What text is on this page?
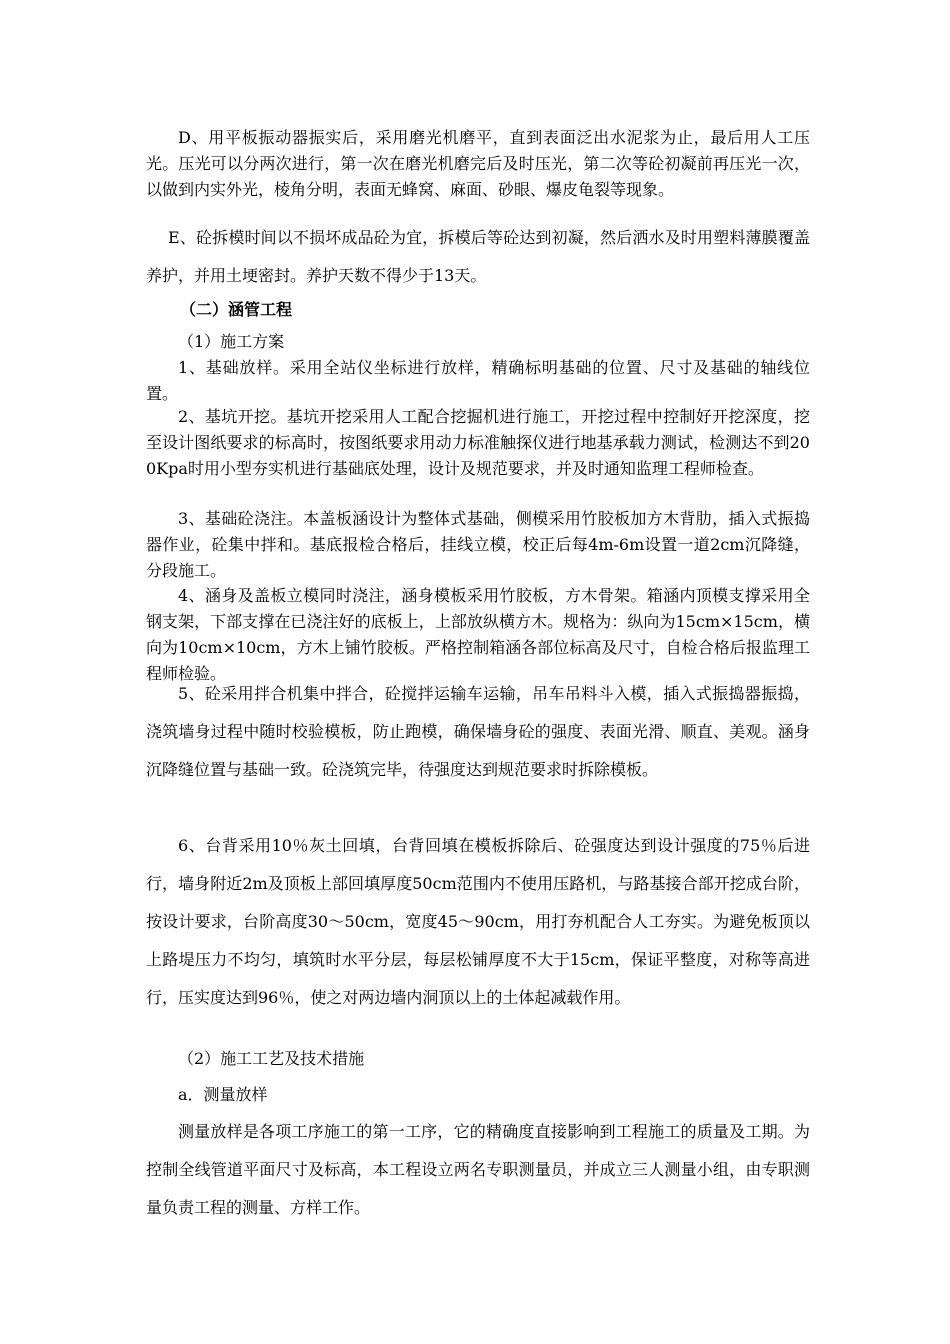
D、用平板振动器振实后，采用磨光机磨平，直到表面泛出水泥浆为止，最后用人工压光。压光可以分两次进行，第一次在磨光机磨完后及时压光，第二次等砼初凝前再压光一次，以做到内实外光，棱角分明，表面无蜂窝、麻面、砂眼、爆皮龟裂等现象。

E、砼拆模时间以不损坏成品砼为宜，拆模后等砼达到初凝，然后洒水及时用塑料薄膜覆盖养护，并用土埂密封。养护天数不得少于13天。

（二）涵管工程

（1）施工方案

1、基础放样。采用全站仪坐标进行放样，精确标明基础的位置、尺寸及基础的轴线位置。

2、基坑开挖。基坑开挖采用人工配合挖掘机进行施工，开挖过程中控制好开挖深度，挖至设计图纸要求的标高时，按图纸要求用动力标准触探仪进行地基承载力测试，检测达不到200Kpa时用小型夯实机进行基础底处理，设计及规范要求，并及时通知监理工程师检查。

3、基础砼浇注。本盖板涵设计为整体式基础，侧模采用竹胶板加方木背肋，插入式振捣器作业，砼集中拌和。基底报检合格后，挂线立模，校正后每4m-6m设置一道2cm沉降缝，分段施工。

4、涵身及盖板立模同时浇注，涵身模板采用竹胶板，方木骨架。箱涵内顶模支撑采用全钢支架，下部支撑在已浇注好的底板上，上部放纵横方木。规格为：纵向为15cm×15cm，横向为10cm×10cm，方木上铺竹胶板。严格控制箱涵各部位标高及尺寸，自检合格后报监理工程师检验。

5、砼采用拌合机集中拌合，砼搅拌运输车运输，吊车吊料斗入模，插入式振捣器振捣，浇筑墙身过程中随时校验模板，防止跑模，确保墙身砼的强度、表面光滑、顺直、美观。涵身沉降缝位置与基础一致。砼浇筑完毕，待强度达到规范要求时拆除模板。

6、台背采用10％灰土回填，台背回填在模板拆除后、砼强度达到设计强度的75％后进行，墙身附近2m及顶板上部回填厚度50cm范围内不使用压路机，与路基接合部开挖成台阶，按设计要求，台阶高度30～50cm，宽度45～90cm，用打夯机配合人工夯实。为避免板顶以上路堤压力不均匀，填筑时水平分层，每层松铺厚度不大于15cm，保证平整度，对称等高进行，压实度达到96％，使之对两边墙内洞顶以上的土体起减载作用。

（2）施工工艺及技术措施

a．测量放样

测量放样是各项工序施工的第一工序，它的精确度直接影响到工程施工的质量及工期。为控制全线管道平面尺寸及标高，本工程设立两名专职测量员，并成立三人测量小组，由专职测量负责工程的测量、方样工作。
